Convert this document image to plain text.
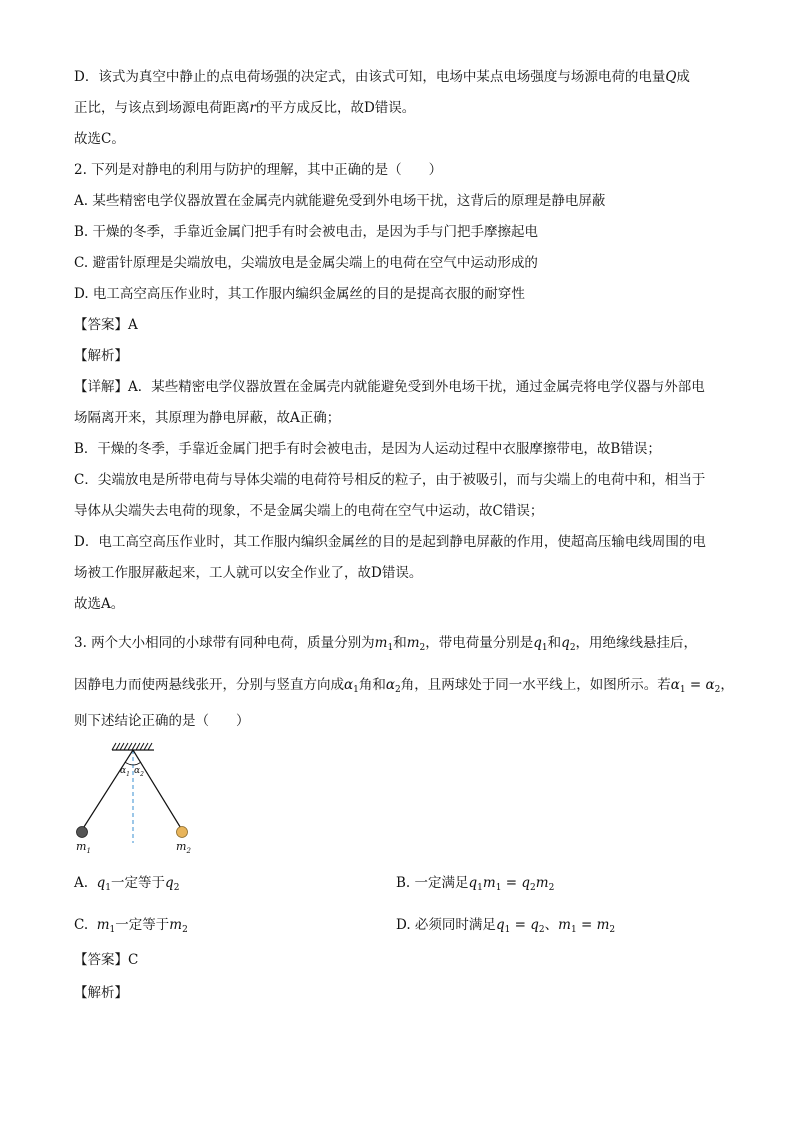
D．该式为真空中静止的点电荷场强的决定式，由该式可知，电场中某点电场强度与场源电荷的电量Q成
正比，与该点到场源电荷距离r的平方成反比，故D错误。
故选C。
2. 下列是对静电的利用与防护的理解，其中正确的是（　　）
A. 某些精密电学仪器放置在金属壳内就能避免受到外电场干扰，这背后的原理是静电屏蔽
B. 干燥的冬季，手靠近金属门把手有时会被电击，是因为手与门把手摩擦起电
C. 避雷针原理是尖端放电，尖端放电是金属尖端上的电荷在空气中运动形成的
D. 电工高空高压作业时，其工作服内编织金属丝的目的是提高衣服的耐穿性
【答案】A
【解析】
【详解】A．某些精密电学仪器放置在金属壳内就能避免受到外电场干扰，通过金属壳将电学仪器与外部电
场隔离开来，其原理为静电屏蔽，故A正确；
B．干燥的冬季，手靠近金属门把手有时会被电击，是因为人运动过程中衣服摩擦带电，故B错误；
C．尖端放电是所带电荷与导体尖端的电荷符号相反的粒子，由于被吸引，而与尖端上的电荷中和，相当于
导体从尖端失去电荷的现象，不是金属尖端上的电荷在空气中运动，故C错误；
D．电工高空高压作业时，其工作服内编织金属丝的目的是起到静电屏蔽的作用，使超高压输电线周围的电
场被工作服屏蔽起来，工人就可以安全作业了，故D错误。
故选A。
3. 两个大小相同的小球带有同种电荷，质量分别为$m_1$和$m_2$，带电荷量分别是$q_1$和$q_2$，用绝缘线悬挂后，
因静电力而使两悬线张开，分别与竖直方向成$\alpha_1$角和$\alpha_2$角，且两球处于同一水平线上，如图所示。若$\alpha_1 = \alpha_2$，
则下述结论正确的是（　　）
$\alpha_1$ $\alpha_2$
$m_1$	$m_2$
A. $q_1$一定等于$q_2$	B. 一定满足$q_1m_1 = q_2m_2$
C. $m_1$一定等于$m_2$	D. 必须同时满足$q_1 = q_2$、$m_1 = m_2$
【答案】C
【解析】
